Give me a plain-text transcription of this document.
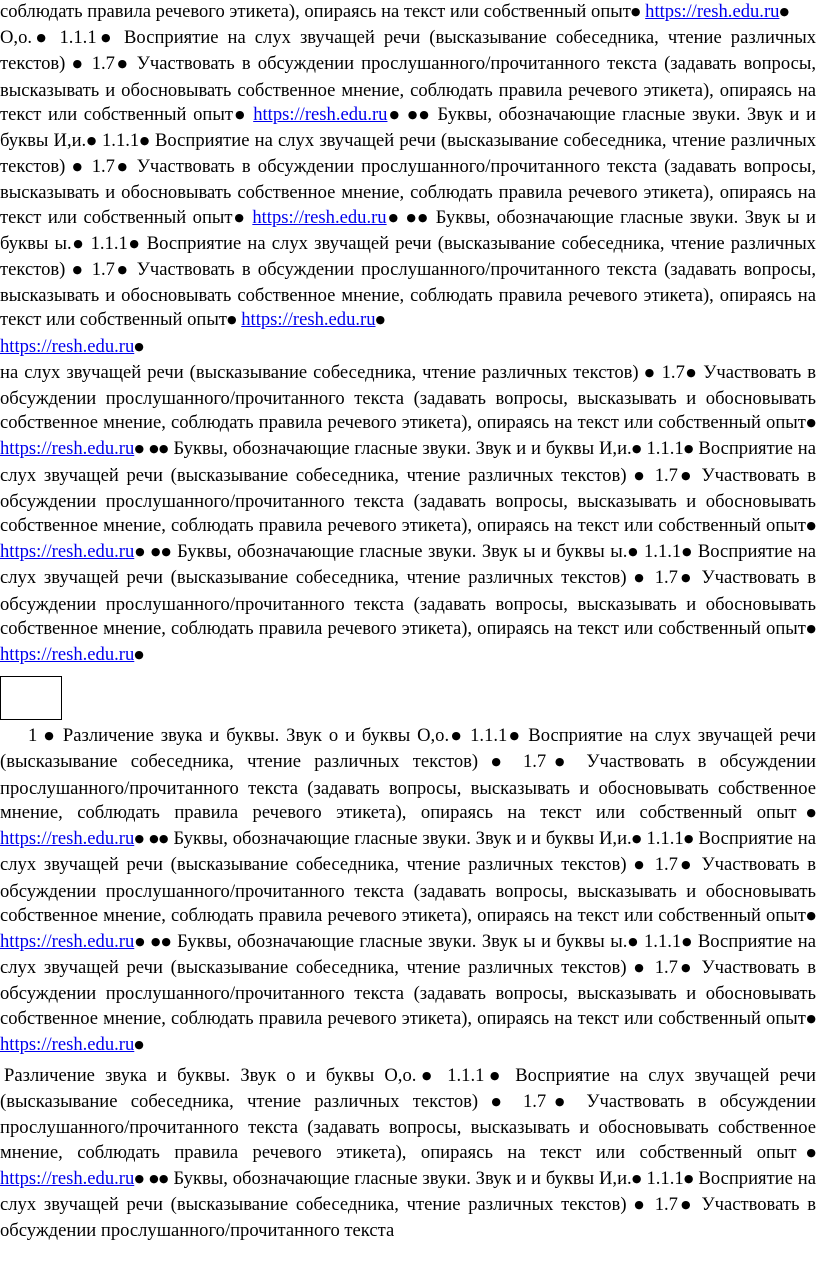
соблюдать правила речевого этикета), опираясь на текст или собственный опыт● https://resh.edu.ru●

О,о.● 1.1.1● Восприятие на слух звучащей речи (высказывание собеседника, чтение различных текстов) ● 1.7● Участвовать в обсуждении прослушанного/прочитанного текста (задавать вопросы, высказывать и обосновывать собственное мнение, соблюдать правила речевого этикета), опираясь на текст или собственный опыт● https://resh.edu.ru● ●● Буквы, обозначающие гласные звуки. Звук и и буквы И,и.● 1.1.1● Восприятие на слух звучащей речи (высказывание собеседника, чтение различных текстов) ● 1.7● Участвовать в обсуждении прослушанного/прочитанного текста (задавать вопросы, высказывать и обосновывать собственное мнение, соблюдать правила речевого этикета), опираясь на текст или собственный опыт● https://resh.edu.ru● ●● Буквы, обозначающие гласные звуки. Звук ы и буквы ы.● 1.1.1● Восприятие на слух звучащей речи (высказывание собеседника, чтение различных текстов) ● 1.7● Участвовать в обсуждении прослушанного/прочитанного текста (задавать вопросы, высказывать и обосновывать собственное мнение, соблюдать правила речевого этикета), опираясь на текст или собственный опыт● https://resh.edu.ru●

https://resh.edu.ru●
на слух звучащей речи (высказывание собеседника, чтение различных текстов) ● 1.7● Участвовать в обсуждении прослушанного/прочитанного текста (задавать вопросы, высказывать и обосновывать собственное мнение, соблюдать правила речевого этикета), опираясь на текст или собственный опыт● https://resh.edu.ru● ●● Буквы, обозначающие гласные звуки. Звук и и буквы И,и.● 1.1.1● Восприятие на слух звучащей речи (высказывание собеседника, чтение различных текстов) ● 1.7● Участвовать в обсуждении прослушанного/прочитанного текста (задавать вопросы, высказывать и обосновывать собственное мнение, соблюдать правила речевого этикета), опираясь на текст или собственный опыт● https://resh.edu.ru● ●● Буквы, обозначающие гласные звуки. Звук ы и буквы ы.● 1.1.1● Восприятие на слух звучащей речи (высказывание собеседника, чтение различных текстов) ● 1.7● Участвовать в обсуждении прослушанного/прочитанного текста (задавать вопросы, высказывать и обосновывать собственное мнение, соблюдать правила речевого этикета), опираясь на текст или собственный опыт● https://resh.edu.ru●

1 ● Различение звука и буквы. Звук о и буквы О,о.● 1.1.1● Восприятие на слух звучащей речи (высказывание собеседника, чтение различных текстов) ● 1.7● Участвовать в обсуждении прослушанного/прочитанного текста (задавать вопросы, высказывать и обосновывать собственное мнение, соблюдать правила речевого этикета), опираясь на текст или собственный опыт● https://resh.edu.ru● ●● Буквы, обозначающие гласные звуки. Звук и и буквы И,и.● 1.1.1● Восприятие на слух звучащей речи (высказывание собеседника, чтение различных текстов) ● 1.7● Участвовать в обсуждении прослушанного/прочитанного текста (задавать вопросы, высказывать и обосновывать собственное мнение, соблюдать правила речевого этикета), опираясь на текст или собственный опыт● https://resh.edu.ru● ●● Буквы, обозначающие гласные звуки. Звук ы и буквы ы.● 1.1.1● Восприятие на слух звучащей речи (высказывание собеседника, чтение различных текстов) ● 1.7● Участвовать в обсуждении прослушанного/прочитанного текста (задавать вопросы, высказывать и обосновывать собственное мнение, соблюдать правила речевого этикета), опираясь на текст или собственный опыт● https://resh.edu.ru●

Различение звука и буквы. Звук о и буквы О,о.● 1.1.1● Восприятие на слух звучащей речи (высказывание собеседника, чтение различных текстов) ● 1.7● Участвовать в обсуждении прослушанного/прочитанного текста (задавать вопросы, высказывать и обосновывать собственное мнение, соблюдать правила речевого этикета), опираясь на текст или собственный опыт● https://resh.edu.ru● ●● Буквы, обозначающие гласные звуки. Звук и и буквы И,и.● 1.1.1● Восприятие на слух звучащей речи (высказывание собеседника, чтение различных текстов) ● 1.7● Участвовать в обсуждении прослушанного/прочитанного текста
